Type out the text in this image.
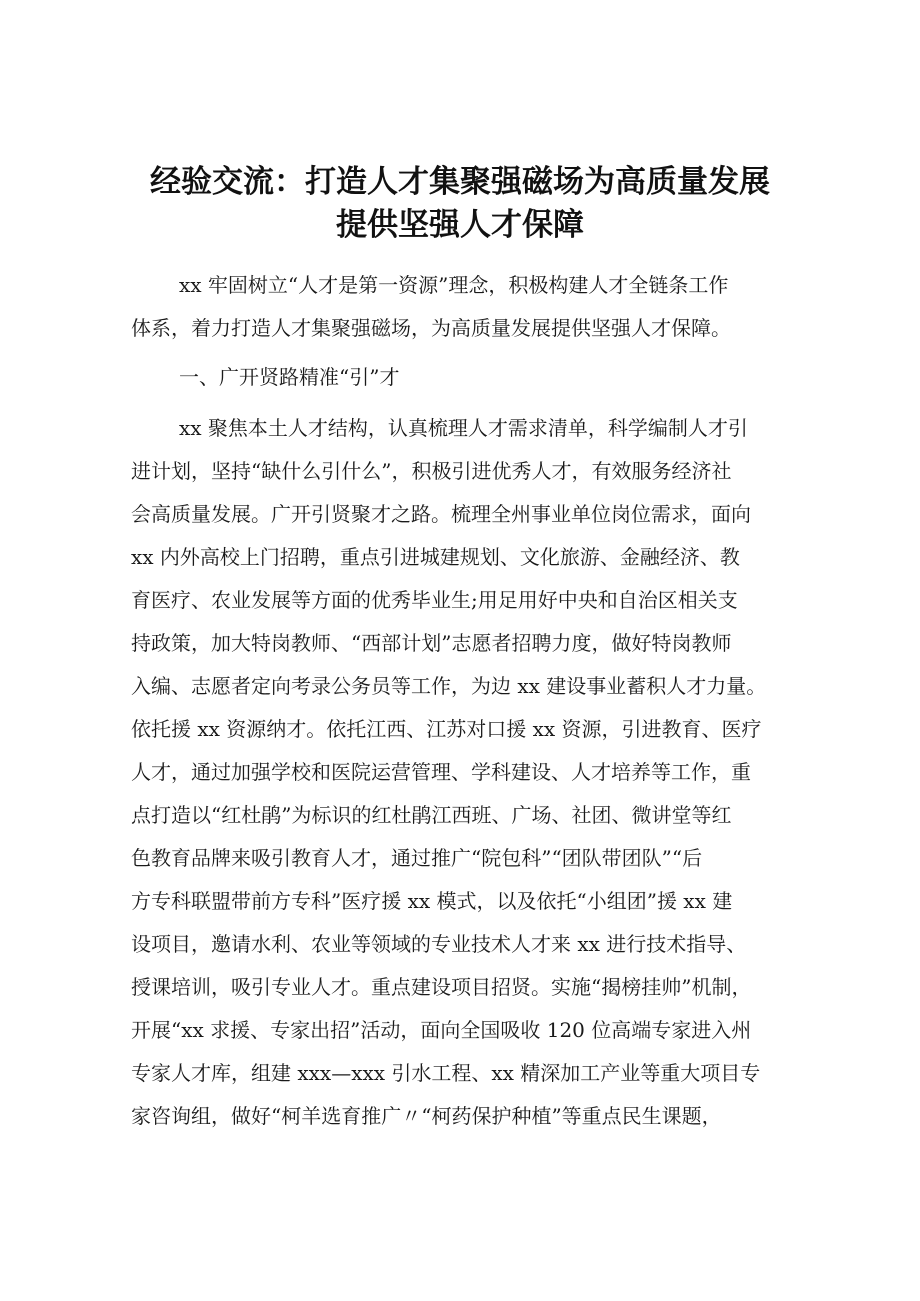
经验交流：打造人才集聚强磁场为高质量发展
提供坚强人才保障
xx 牢固树立“人才是第一资源”理念，积极构建人才全链条工作
体系，着力打造人才集聚强磁场，为高质量发展提供坚强人才保障。
一、广开贤路精准“引”才
xx 聚焦本土人才结构，认真梳理人才需求清单，科学编制人才引
进计划，坚持“缺什么引什么”，积极引进优秀人才，有效服务经济社
会高质量发展。广开引贤聚才之路。梳理全州事业单位岗位需求，面向
xx 内外高校上门招聘，重点引进城建规划、文化旅游、金融经济、教
育医疗、农业发展等方面的优秀毕业生;用足用好中央和自治区相关支
持政策，加大特岗教师、“西部计划”志愿者招聘力度，做好特岗教师
入编、志愿者定向考录公务员等工作，为边 xx 建设事业蓄积人才力量。
依托援 xx 资源纳才。依托江西、江苏对口援 xx 资源，引进教育、医疗
人才，通过加强学校和医院运营管理、学科建设、人才培养等工作，重
点打造以“红杜鹃”为标识的红杜鹃江西班、广场、社团、微讲堂等红
色教育品牌来吸引教育人才，通过推广“院包科”“团队带团队”“后
方专科联盟带前方专科”医疗援 xx 模式，以及依托“小组团”援 xx 建
设项目，邀请水利、农业等领域的专业技术人才来 xx 进行技术指导、
授课培训，吸引专业人才。重点建设项目招贤。实施“揭榜挂帅”机制，
开展“xx 求援、专家出招”活动，面向全国吸收 120 位高端专家进入州
专家人才库，组建 xxx—xxx 引水工程、xx 精深加工产业等重大项目专
家咨询组，做好“柯羊选育推广〃“柯药保护种植”等重点民生课题，
